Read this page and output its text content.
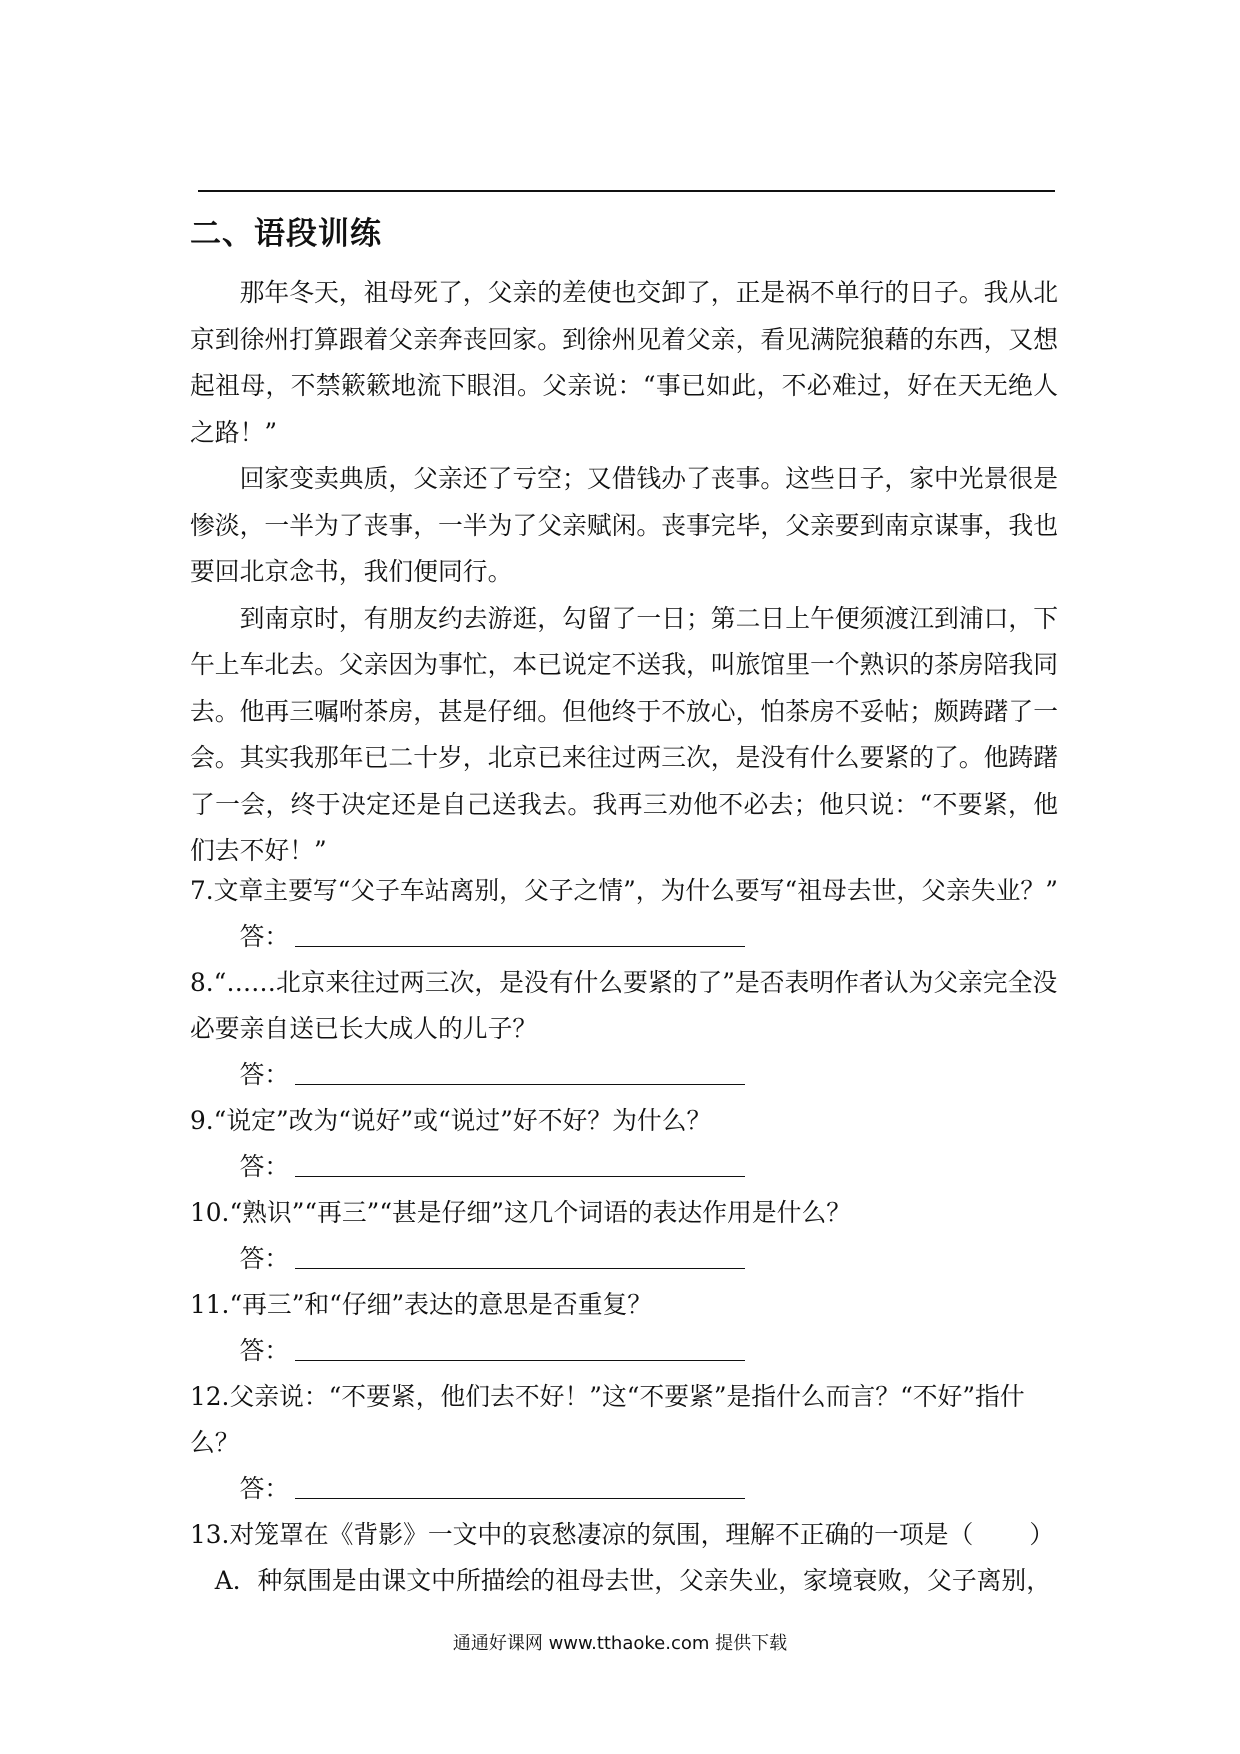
二、语段训练

那年冬天，祖母死了，父亲的差使也交卸了，正是祸不单行的日子。我从北京到徐州打算跟着父亲奔丧回家。到徐州见着父亲，看见满院狼藉的东西，又想起祖母，不禁簌簌地流下眼泪。父亲说：“事已如此，不必难过，好在天无绝人之路！”

回家变卖典质，父亲还了亏空；又借钱办了丧事。这些日子，家中光景很是惨淡，一半为了丧事，一半为了父亲赋闲。丧事完毕，父亲要到南京谋事，我也要回北京念书，我们便同行。

到南京时，有朋友约去游逛，勾留了一日；第二日上午便须渡江到浦口，下午上车北去。父亲因为事忙，本已说定不送我，叫旅馆里一个熟识的茶房陪我同去。他再三嘱咐茶房，甚是仔细。但他终于不放心，怕茶房不妥帖；颇踌躇了一会。其实我那年已二十岁，北京已来往过两三次，是没有什么要紧的了。他踌躇了一会，终于决定还是自己送我去。我再三劝他不必去；他只说：“不要紧，他们去不好！”

7.文章主要写“父子车站离别，父子之情”，为什么要写“祖母去世，父亲失业？”

答：

8.“……北京来往过两三次，是没有什么要紧的了”是否表明作者认为父亲完全没必要亲自送已长大成人的儿子？

答：

9.“说定”改为“说好”或“说过”好不好？为什么？

答：

10.“熟识”“再三”“甚是仔细”这几个词语的表达作用是什么？

答：

11.“再三”和“仔细”表达的意思是否重复？

答：

12.父亲说：“不要紧，他们去不好！”这“不要紧”是指什么而言？“不好”指什么？

答：

13.对笼罩在《背影》一文中的哀愁凄凉的氛围，理解不正确的一项是（ ）

A．种氛围是由课文中所描绘的祖母去世，父亲失业，家境衰败，父子离别，

通通好课网 www.tthaoke.com 提供下载
